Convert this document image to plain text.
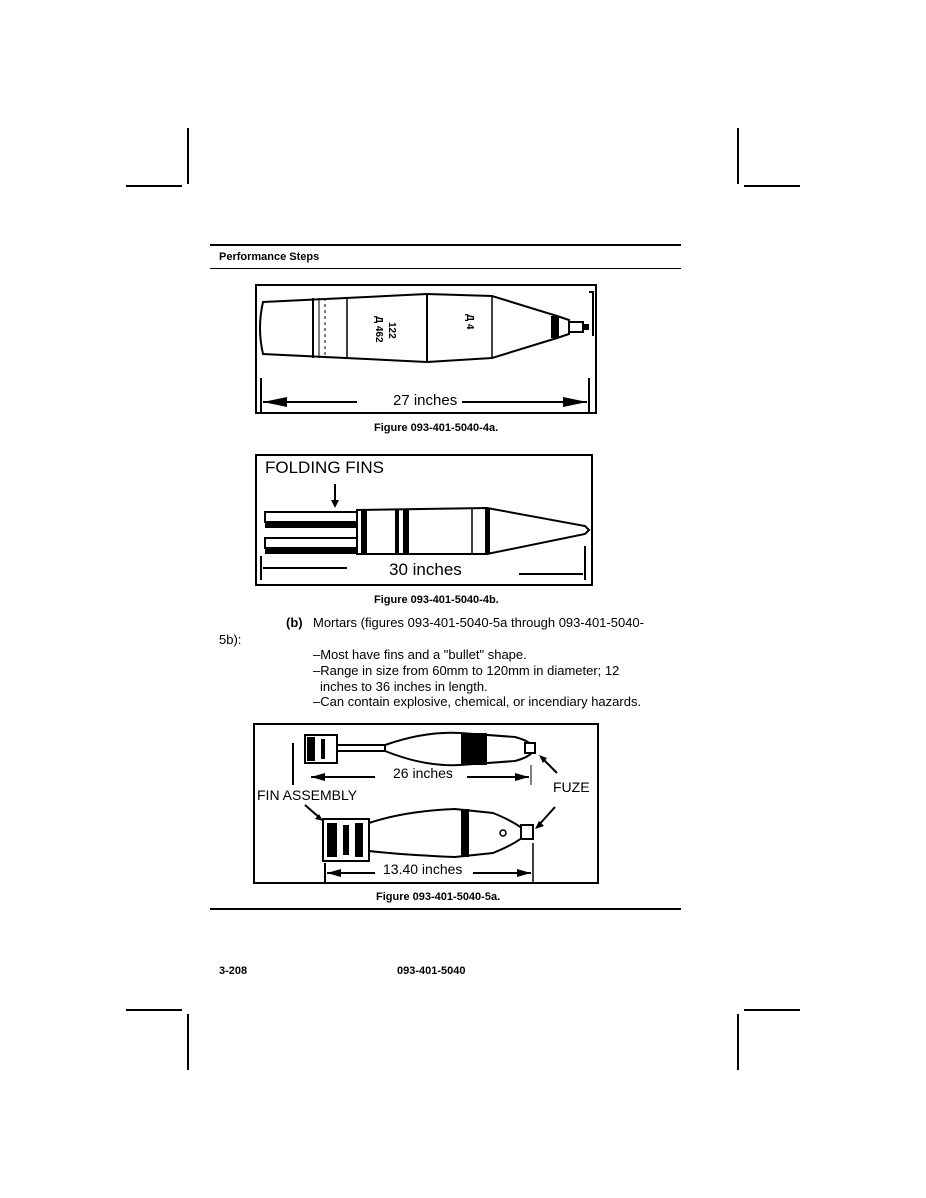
Performance Steps
122
Д 462	Д 4
27 inches
Figure 093-401-5040-4a.
FOLDING FINS
30 inches
Figure 093-401-5040-4b.
(b) Mortars (figures 093-401-5040-5a through 093-401-5040-
5b):
–Most have fins and a "bullet" shape.
–Range in size from 60mm to 120mm in diameter; 12
inches to 36 inches in length.
–Can contain explosive, chemical, or incendiary hazards.
26 inches
FIN ASSEMBLY	FUZE
13.40 inches
Figure 093-401-5040-5a.
3-208	093-401-5040
